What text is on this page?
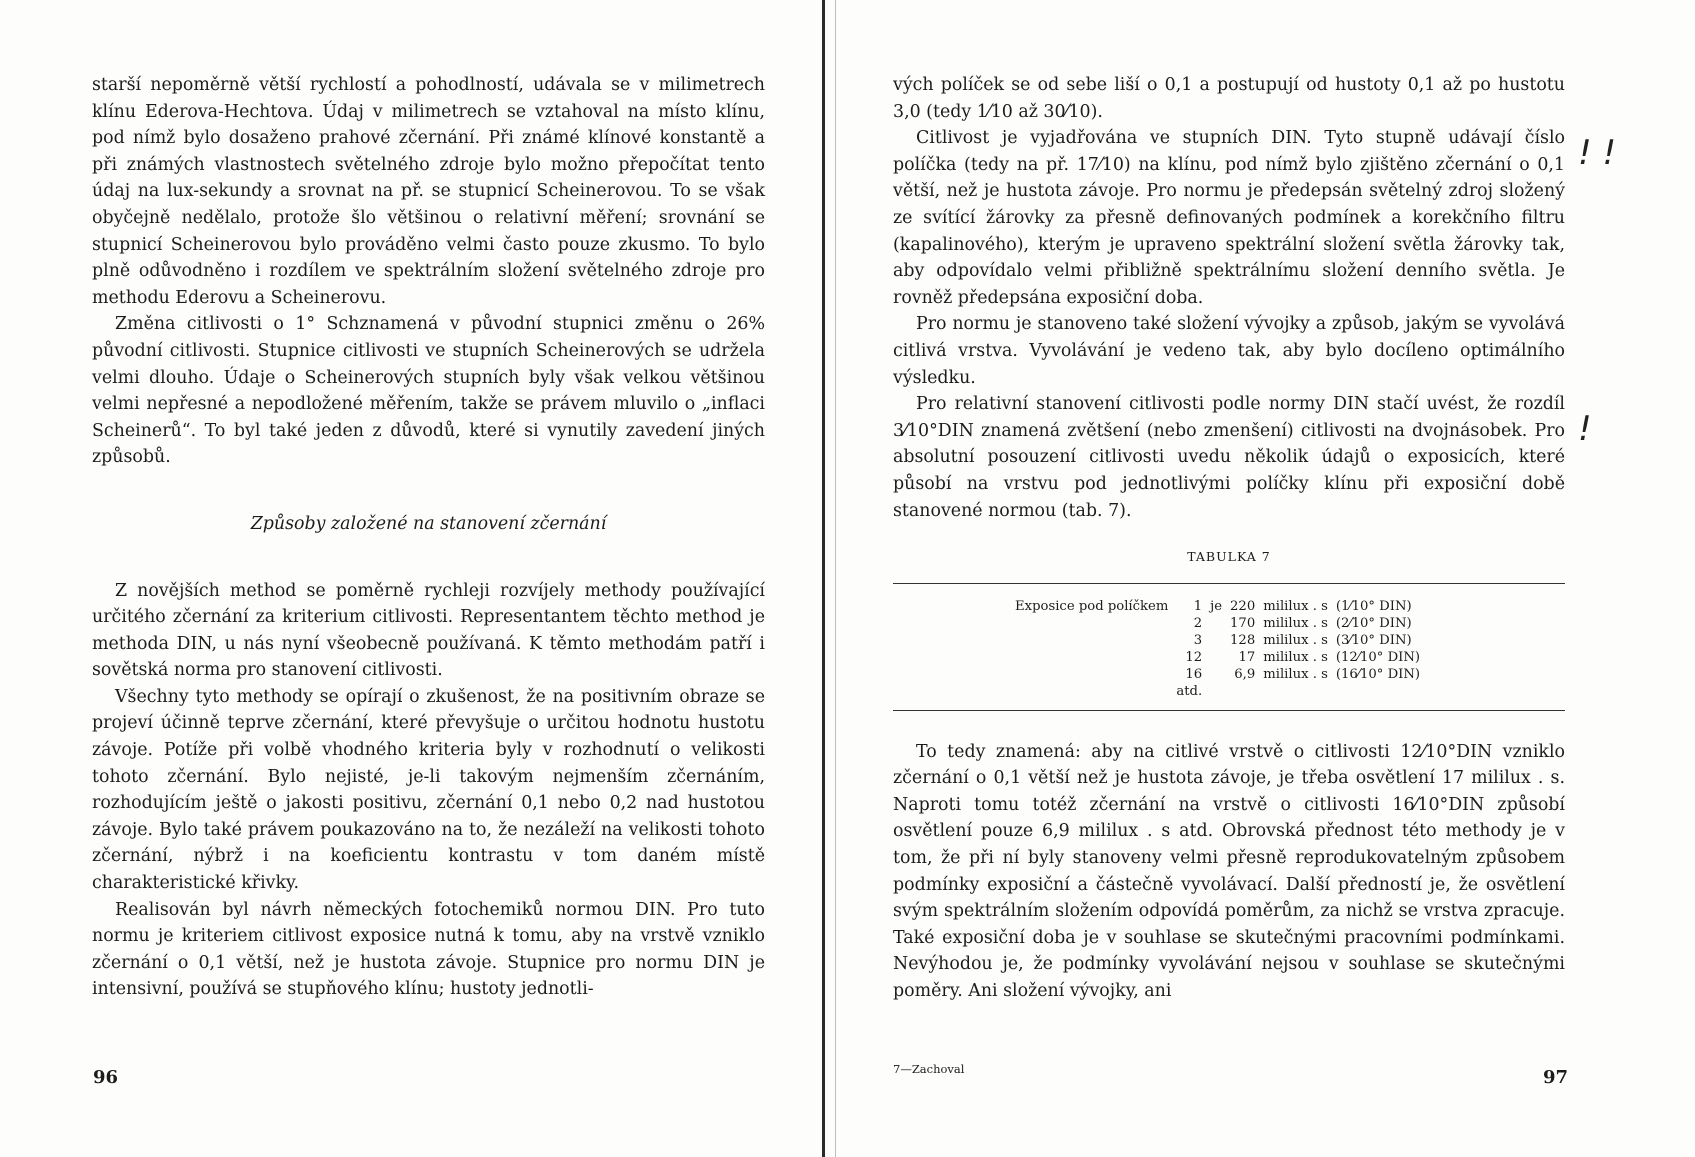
starší nepoměrně větší rychlostí a pohodlností, udávala se v milimetrech klínu Ederova-Hechtova. Údaj v milimetrech se vztahoval na místo klínu, pod nímž bylo dosaženo prahové zčernání. Při známé klínové konstantě a při známých vlastnostech světelného zdroje bylo možno přepočítat tento údaj na lux-sekundy a srovnat na př. se stupnicí Scheinerovou. To se však obyčejně nedělalo, protože šlo většinou o relativní měření; srovnání se stupnicí Scheinerovou bylo prováděno velmi často pouze zkusmo. To bylo plně odůvodněno i rozdílem ve spektrálním složení světelného zdroje pro methodu Ederovu a Scheinerovu.

Změna citlivosti o 1° Schznamená v původní stupnici změnu o 26% původní citlivosti. Stupnice citlivosti ve stupních Scheinerových se udržela velmi dlouho. Údaje o Scheinerových stupních byly však velkou většinou velmi nepřesné a nepodložené měřením, takže se právem mluvilo o „inflaci Scheinerů“. To byl také jeden z důvodů, které si vynutily zavedení jiných způsobů.

Způsoby založené na stanovení zčernání

Z novějších method se poměrně rychleji rozvíjely methody používající určitého zčernání za kriterium citlivosti. Representantem těchto method je methoda DIN, u nás nyní všeobecně používaná. K těmto methodám patří i sovětská norma pro stanovení citlivosti.

Všechny tyto methody se opírají o zkušenost, že na positivním obraze se projeví účinně teprve zčernání, které převyšuje o určitou hodnotu hustotu závoje. Potíže při volbě vhodného kriteria byly v rozhodnutí o velikosti tohoto zčernání. Bylo nejisté, je-li takovým nejmenším zčernáním, rozhodujícím ještě o jakosti positivu, zčernání 0,1 nebo 0,2 nad hustotou závoje. Bylo také právem poukazováno na to, že nezáleží na velikosti tohoto zčernání, nýbrž i na koeficientu kontrastu v tom daném místě charakteristické křivky.

Realisován byl návrh německých fotochemiků normou DIN. Pro tuto normu je kriteriem citlivost exposice nutná k tomu, aby na vrstvě vzniklo zčernání o 0,1 větší, než je hustota závoje. Stupnice pro normu DIN je intensivní, používá se stupňového klínu; hustoty jednotli-

96

vých políček se od sebe liší o 0,1 a postupují od hustoty 0,1 až po hustotu 3,0 (tedy 1⁄10 až 30⁄10).

Citlivost je vyjadřována ve stupních DIN. Tyto stupně udávají číslo políčka (tedy na př. 17⁄10) na klínu, pod nímž bylo zjištěno zčernání o 0,1 větší, než je hustota závoje. Pro normu je předepsán světelný zdroj složený ze svítící žárovky za přesně definovaných podmínek a korekčního filtru (kapalinového), kterým je upraveno spektrální složení světla žárovky tak, aby odpovídalo velmi přibližně spektrálnímu složení denního světla. Je rovněž předepsána exposiční doba.

Pro normu je stanoveno také složení vývojky a způsob, jakým se vyvolává citlivá vrstva. Vyvolávání je vedeno tak, aby bylo docíleno optimálního výsledku.

Pro relativní stanovení citlivosti podle normy DIN stačí uvést, že rozdíl 3⁄10°DIN znamená zvětšení (nebo zmenšení) citlivosti na dvojnásobek. Pro absolutní posouzení citlivosti uvedu několik údajů o exposicích, které působí na vrstvu pod jednotlivými políčky klínu při exposiční době stanovené normou (tab. 7).

TABULKA 7

Exposice pod políčkem	1	je	220	mililux . s	(1⁄10° DIN)
	2		170	mililux . s	(2⁄10° DIN)
	3		128	mililux . s	(3⁄10° DIN)
	12		17	mililux . s	(12⁄10° DIN)
	16		6,9	mililux . s	(16⁄10° DIN)
	atd.				

To tedy znamená: aby na citlivé vrstvě o citlivosti 12⁄10°DIN vzniklo zčernání o 0,1 větší než je hustota závoje, je třeba osvětlení 17 mililux . s. Naproti tomu totéž zčernání na vrstvě o citlivosti 16⁄10°DIN způsobí osvětlení pouze 6,9 mililux . s atd. Obrovská přednost této methody je v tom, že při ní byly stanoveny velmi přesně reprodukovatelným způsobem podmínky exposiční a částečně vyvolávací. Další předností je, že osvětlení svým spektrálním složením odpovídá poměrům, za nichž se vrstva zpracuje. Také exposiční doba je v souhlase se skutečnými pracovními podmínkami. Nevýhodou je, že podmínky vyvolávání nejsou v souhlase se skutečnými poměry. Ani složení vývojky, ani

7—Zachoval	97
! !
!
